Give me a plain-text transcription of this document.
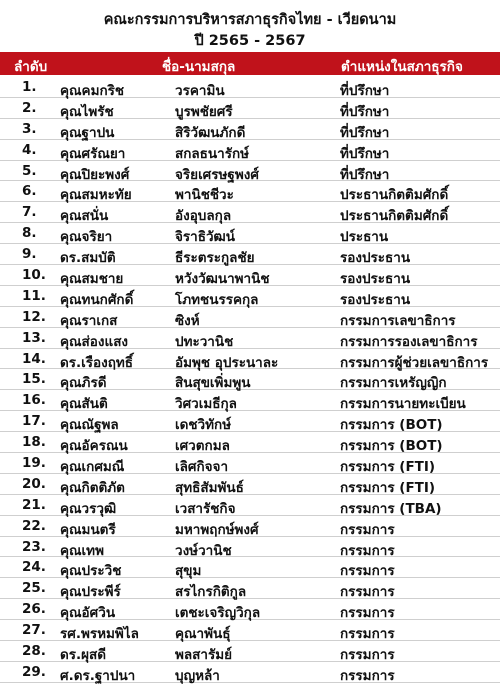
คณะกรรมการบริหารสภาธุรกิจไทย - เวียดนาม
ปี 2565 - 2567
ลำดับ	ชื่อ-นามสกุล	ตำแหน่งในสภาธุรกิจ
1.	คุณคมกริช	วรคามิน	ที่ปรึกษา
2.	คุณไพรัช	บูรพชัยศรี	ที่ปรึกษา
3.	คุณฐาปน	สิริวัฒนภักดี	ที่ปรึกษา
4.	คุณศรัณยา	สกลธนารักษ์	ที่ปรึกษา
5.	คุณปิยะพงศ์	จริยเศรษฐพงศ์	ที่ปรึกษา
6.	คุณสมหะทัย	พานิชชีวะ	ประธานกิตติมศักดิ์
7.	คุณสนั่น	อังอุบลกุล	ประธานกิตติมศักดิ์
8.	คุณจริยา	จิราธิวัฒน์	ประธาน
9.	ดร.สมบัติ	ธีระตระกูลชัย	รองประธาน
10.	คุณสมชาย	หวังวัฒนาพานิช	รองประธาน
11.	คุณทนกศักดิ์	โภทชนรรคกุล	รองประธาน
12.	คุณราเกส	ซิงห์	กรรมการเลขาธิการ
13.	คุณส่องแสง	ปทะวานิช	กรรมการรองเลขาธิการ
14.	ดร.เรืองฤทธิ์	อัมพุช อุประนาละ	กรรมการผู้ช่วยเลขาธิการ
15.	คุณภิรดี	สินสุขเพิ่มพูน	กรรมการเหรัญญิก
16.	คุณสันติ	วิศวเมธีกุล	กรรมการนายทะเบียน
17.	คุณณัฐพล	เดชวิทักษ์	กรรมการ (BOT)
18.	คุณอัครณน	เศวตกมล	กรรมการ (BOT)
19.	คุณเกศมณี	เลิศกิจจา	กรรมการ (FTI)
20.	คุณกิตติภัต	สุทธิสัมพันธ์	กรรมการ (FTI)
21.	คุณวรวุฒิ	เวสารัชกิจ	กรรมการ (TBA)
22.	คุณมนตรี	มหาพฤกษ์พงศ์	กรรมการ
23.	คุณเทพ	วงษ์วานิช	กรรมการ
24.	คุณประวิช	สุขุม	กรรมการ
25.	คุณประพีร์	สรไกรกิติกูล	กรรมการ
26.	คุณอัศวิน	เตชะเจริญวิกุล	กรรมการ
27.	รศ.พรหมพิไล	คุณาพันธุ์	กรรมการ
28.	ดร.ผุสดี	พลสารัมย์	กรรมการ
29.	ศ.ดร.ฐาปนา	บุญหล้า	กรรมการ
